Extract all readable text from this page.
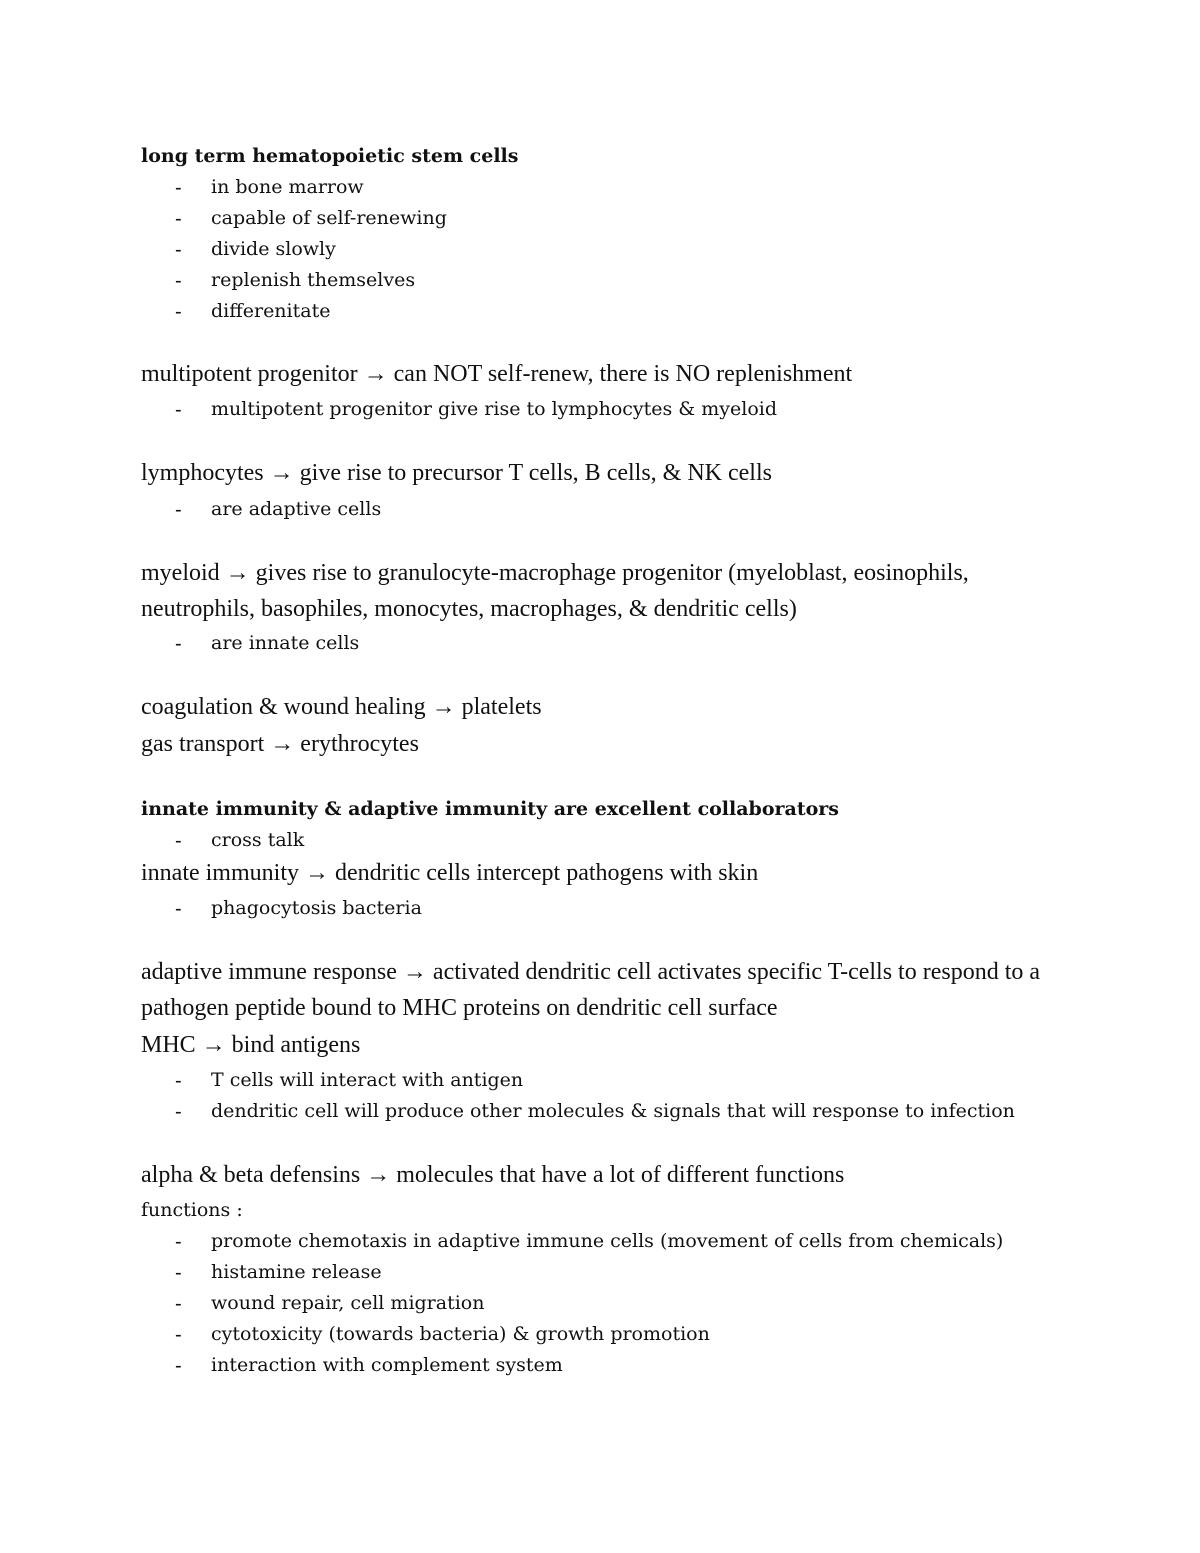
long term hematopoietic stem cells
- in bone marrow
- capable of self-renewing
- divide slowly
- replenish themselves
- differenitate
multipotent progenitor → can NOT self-renew, there is NO replenishment
- multipotent progenitor give rise to lymphocytes & myeloid
lymphocytes → give rise to precursor T cells, B cells, & NK cells
- are adaptive cells
myeloid → gives rise to granulocyte-macrophage progenitor (myeloblast, eosinophils,
neutrophils, basophiles, monocytes, macrophages, & dendritic cells)
- are innate cells
coagulation & wound healing → platelets
gas transport → erythrocytes
innate immunity & adaptive immunity are excellent collaborators
- cross talk
innate immunity → dendritic cells intercept pathogens with skin
- phagocytosis bacteria
adaptive immune response → activated dendritic cell activates specific T-cells to respond to a
pathogen peptide bound to MHC proteins on dendritic cell surface
MHC → bind antigens
- T cells will interact with antigen
- dendritic cell will produce other molecules & signals that will response to infection
alpha & beta defensins → molecules that have a lot of different functions
functions :
- promote chemotaxis in adaptive immune cells (movement of cells from chemicals)
- histamine release
- wound repair, cell migration
- cytotoxicity (towards bacteria) & growth promotion
- interaction with complement system
